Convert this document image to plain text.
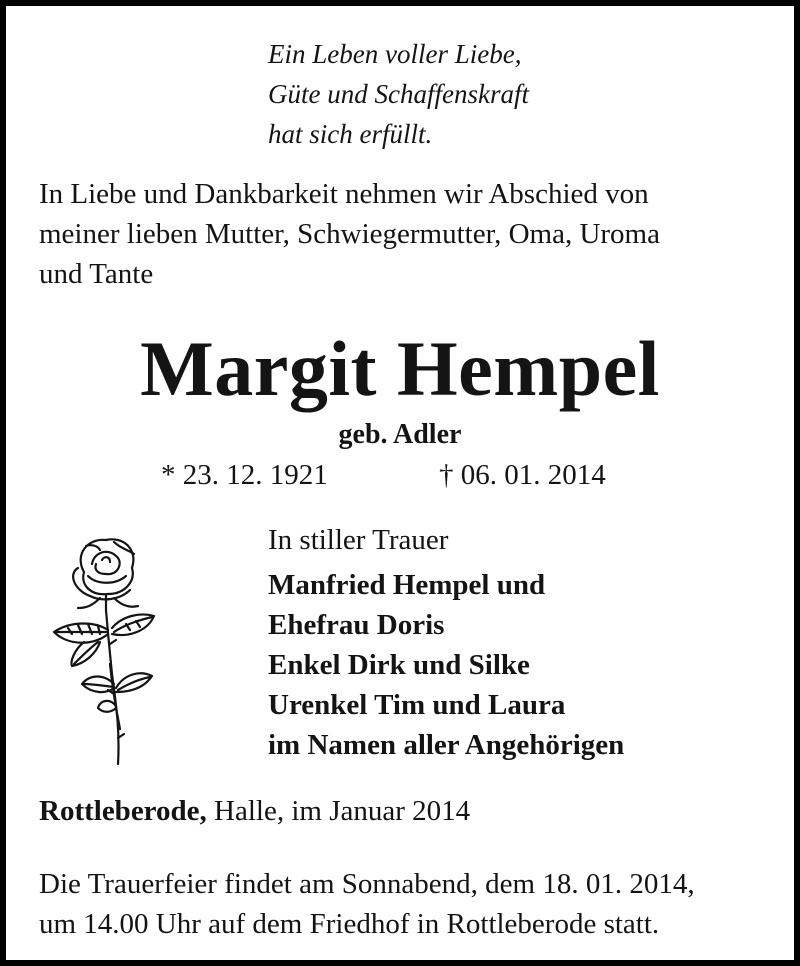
Ein Leben voller Liebe,
Güte und Schaffenskraft
hat sich erfüllt.
In Liebe und Dankbarkeit nehmen wir Abschied von
meiner lieben Mutter, Schwiegermutter, Oma, Uroma
und Tante
Margit Hempel
geb. Adler
* 23. 12. 1921	† 06. 01. 2014
In stiller Trauer
Manfried Hempel und
Ehefrau Doris
Enkel Dirk und Silke
Urenkel Tim und Laura
im Namen aller Angehörigen
Rottleberode, Halle, im Januar 2014
Die Trauerfeier findet am Sonnabend, dem 18. 01. 2014,
um 14.00 Uhr auf dem Friedhof in Rottleberode statt.
